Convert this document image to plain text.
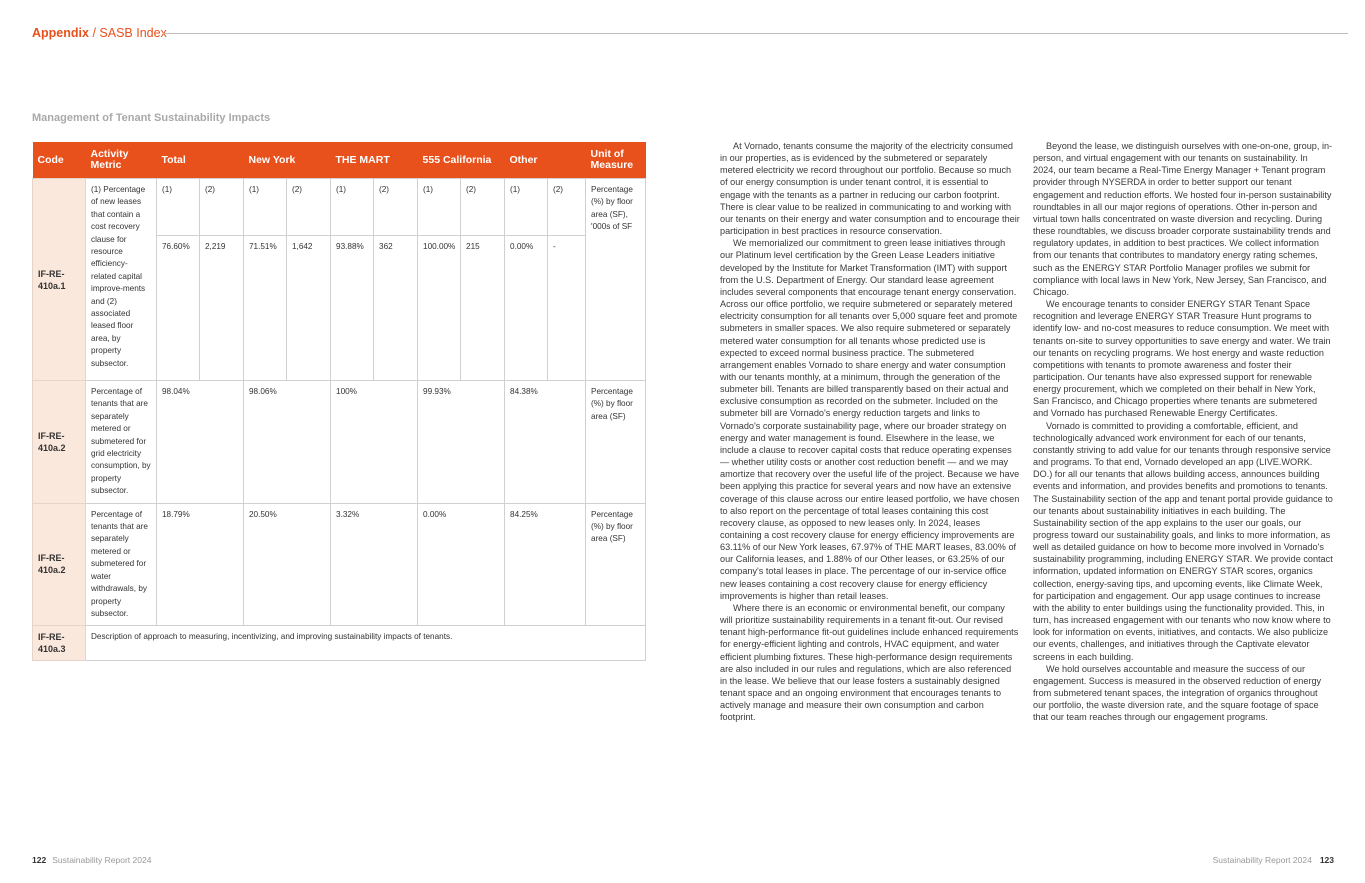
Appendix / SASB Index
Management of Tenant Sustainability Impacts
Code	Activity Metric	Total		New York		THE MART		555 California		Other		Unit of Measure
IF-RE-410a.1	(1) Percentage of new leases that contain a cost recovery clause for resource efficiency-related capital improve-ments and (2) associated leased floor area, by property subsector.	(1)	(2)	(1)	(2)	(1)	(2)	(1)	(2)	(1)	(2)	Percentage (%) by floor area (SF), '000s of SF
		76.60%	2,219	71.51%	1,642	93.88%	362	100.00%	215	0.00%	-	
IF-RE-410a.2	Percentage of tenants that are separately metered or submetered for grid electricity consumption, by property subsector.	98.04%		98.06%		100%		99.93%		84.38%		Percentage (%) by floor area (SF)
IF-RE-410a.2	Percentage of tenants that are separately metered or submetered for water withdrawals, by property subsector.	18.79%		20.50%		3.32%		0.00%		84.25%		Percentage (%) by floor area (SF)
IF-RE-410a.3	Description of approach to measuring, incentivizing, and improving sustainability impacts of tenants.											

At Vornado, tenants consume the majority of the electricity consumed in our properties, as is evidenced by the submetered or separately metered electricity we record throughout our portfolio. Because so much of our energy consumption is under tenant control, it is essential to engage with the tenants as a partner in reducing our carbon footprint. There is clear value to be realized in communicating to and working with our tenants on their energy and water consumption and to encourage their participation in best practices in resource conservation.

We memorialized our commitment to green lease initiatives through our Platinum level certification by the Green Lease Leaders initiative developed by the Institute for Market Transformation (IMT) with support from the U.S. Department of Energy. Our standard lease agreement includes several components that encourage tenant energy conservation. Across our office portfolio, we require submetered or separately metered electricity consumption for all tenants over 5,000 square feet and promote submeters in smaller spaces. We also require submetered or separately metered water consumption for all tenants whose predicted use is expected to exceed normal business practice. The submetered arrangement enables Vornado to share energy and water consumption with our tenants monthly, at a minimum, through the generation of the submeter bill. Tenants are billed transparently based on their actual and exclusive consumption as recorded on the submeter. Included on the submeter bill are Vornado's energy reduction targets and links to Vornado's corporate sustainability page, where our broader strategy on energy and water management is found. Elsewhere in the lease, we include a clause to recover capital costs that reduce operating expenses — whether utility costs or another cost reduction benefit — and we may amortize that recovery over the useful life of the project. Because we have been applying this practice for several years and now have an extensive coverage of this clause across our entire leased portfolio, we have chosen to also report on the percentage of total leases containing this cost recovery clause, as opposed to new leases only. In 2024, leases containing a cost recovery clause for energy efficiency improvements are 63.11% of our New York leases, 67.97% of THE MART leases, 83.00% of our California leases, and 1.88% of our Other leases, or 63.25% of our company's total leases in place. The percentage of our in-service office new leases containing a cost recovery clause for energy efficiency improvements is higher than retail leases.

Where there is an economic or environmental benefit, our company will prioritize sustainability requirements in a tenant fit-out. Our revised tenant high-performance fit-out guidelines include enhanced requirements for energy-efficient lighting and controls, HVAC equipment, and water efficient plumbing fixtures. These high-performance design requirements are also included in our rules and regulations, which are also referenced in the lease. We believe that our lease fosters a sustainably designed tenant space and an ongoing environment that encourages tenants to actively manage and measure their own consumption and carbon footprint.

Beyond the lease, we distinguish ourselves with one-on-one, group, in-person, and virtual engagement with our tenants on sustainability. In 2024, our team became a Real-Time Energy Manager + Tenant program provider through NYSERDA in order to better support our tenant engagement and reduction efforts. We hosted four in-person sustainability roundtables in all our major regions of operations. Other in-person and virtual town halls concentrated on waste diversion and recycling. During these roundtables, we discuss broader corporate sustainability trends and regulatory updates, in addition to best practices. We collect information from our tenants that contributes to mandatory energy rating schemes, such as the ENERGY STAR Portfolio Manager profiles we submit for compliance with local laws in New York, New Jersey, San Francisco, and Chicago.

We encourage tenants to consider ENERGY STAR Tenant Space recognition and leverage ENERGY STAR Treasure Hunt programs to identify low- and no-cost measures to reduce consumption. We meet with tenants on-site to survey opportunities to save energy and water. We train our tenants on recycling programs. We host energy and waste reduction competitions with tenants to promote awareness and foster their participation. Our tenants have also expressed support for renewable energy procurement, which we completed on their behalf in New York, San Francisco, and Chicago properties where tenants are submetered and Vornado has purchased Renewable Energy Certificates.

Vornado is committed to providing a comfortable, efficient, and technologically advanced work environment for each of our tenants, constantly striving to add value for our tenants through responsive service and programs. To that end, Vornado developed an app (LIVE.WORK. DO.) for all our tenants that allows building access, announces building events and information, and provides benefits and promotions to tenants. The Sustainability section of the app and tenant portal provide guidance to our tenants about sustainability initiatives in each building. The Sustainability section of the app explains to the user our goals, our progress toward our sustainability goals, and links to more information, as well as detailed guidance on how to become more involved in Vornado's sustainability programming, including ENERGY STAR. We provide contact information, updated information on ENERGY STAR scores, organics collection, energy-saving tips, and upcoming events, like Climate Week, for participation and engagement. Our app usage continues to increase with the ability to enter buildings using the functionality provided. This, in turn, has increased engagement with our tenants who now know where to look for information on events, initiatives, and contacts. We also publicize our events, challenges, and initiatives through the Captivate elevator screens in each building.

We hold ourselves accountable and measure the success of our engagement. Success is measured in the observed reduction of energy from submetered tenant spaces, the integration of organics throughout our portfolio, the waste diversion rate, and the square footage of space that our team reaches through our engagement programs.

122 Sustainability Report 2024	Sustainability Report 2024 123
